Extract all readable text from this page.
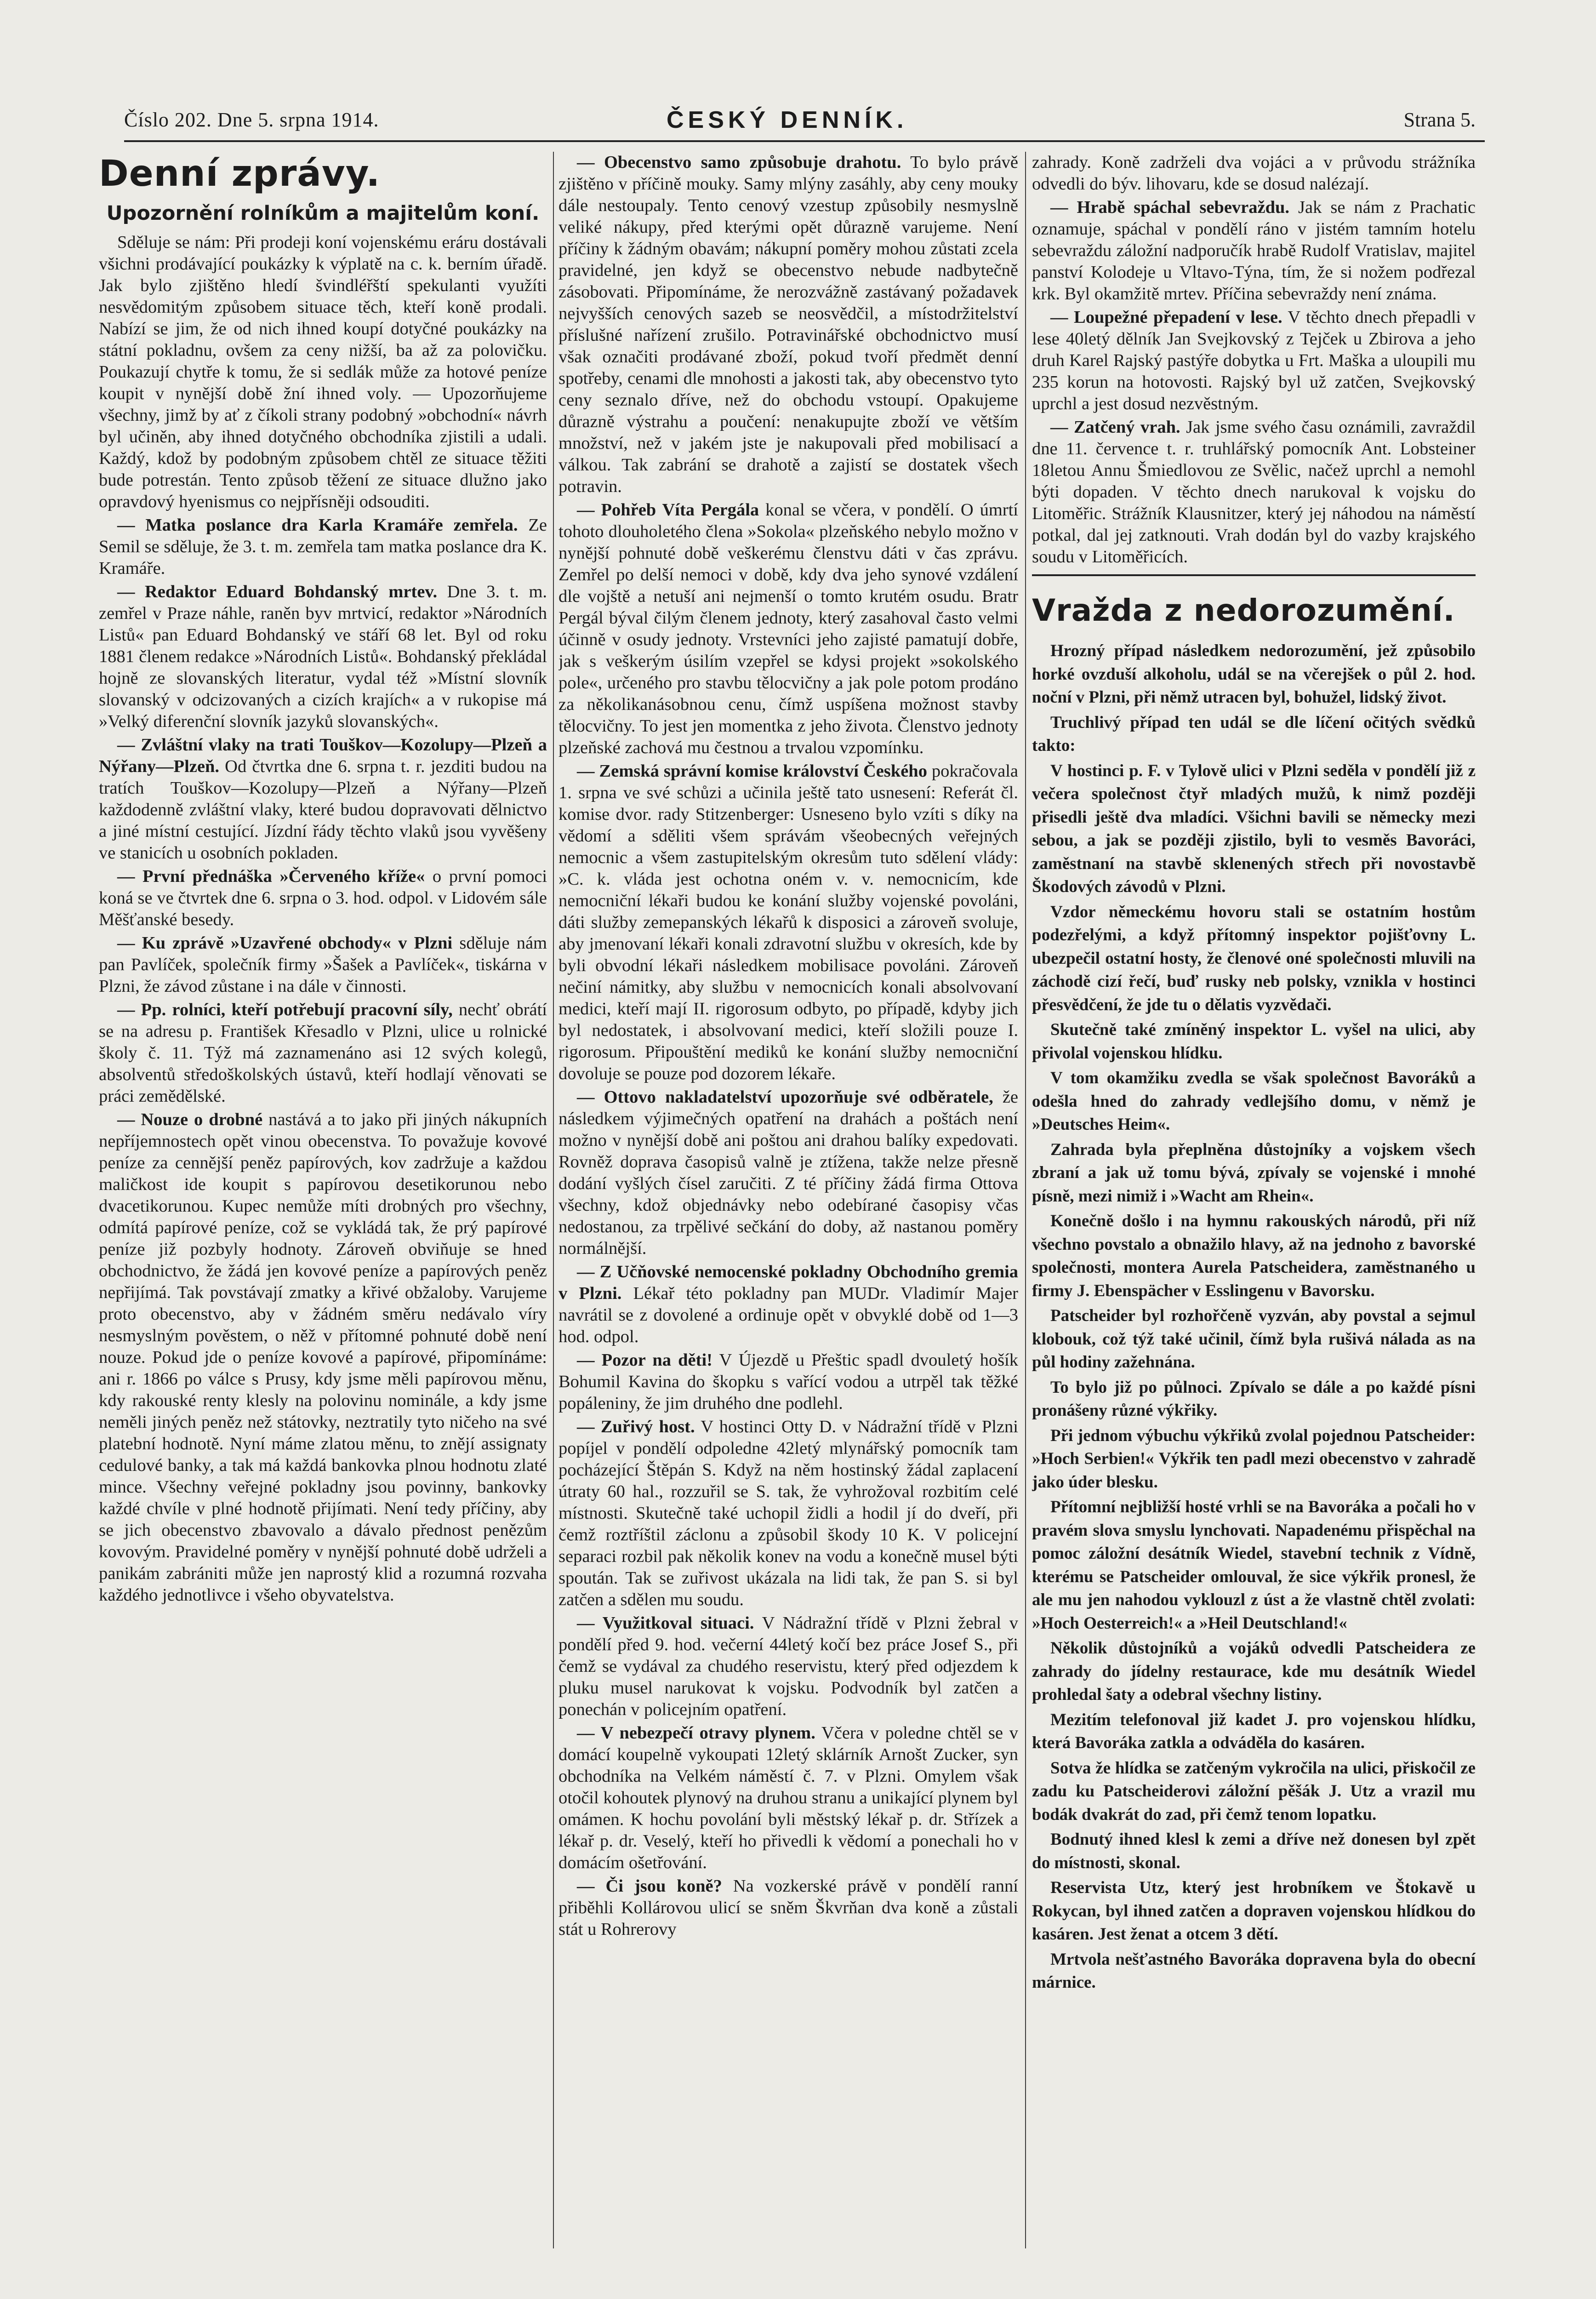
Číslo 202. Dne 5. srpna 1914.	ČESKÝ DENNÍK.	Strana 5.
Denní zprávy.
Upozornění rolníkům a majitelům koní.

Sděluje se nám: Při prodeji koní vojenskému eráru dostávali všichni prodávající poukázky k výplatě na c. k. berním úřadě. Jak bylo zjištěno hledí švindléřští spekulanti využíti nesvědomitým způsobem situace těch, kteří koně prodali. Nabízí se jim, že od nich ihned koupí dotyčné poukázky na státní pokladnu, ovšem za ceny nižší, ba až za polovičku. Poukazují chytře k tomu, že si sedlák může za hotové peníze koupit v nynější době žní ihned voly. — Upozorňujeme všechny, jimž by ať z číkoli strany podobný »obchodní« návrh byl učiněn, aby ihned dotyčného obchodníka zjistili a udali. Každý, kdož by podobným způsobem chtěl ze situace těžiti bude potrestán. Tento způsob těžení ze situace dlužno jako opravdový hyenismus co nejpřísněji odsouditi.

— Matka poslance dra Karla Kramáře zemřela. Ze Semil se sděluje, že 3. t. m. zemřela tam matka poslance dra K. Kramáře.

— Redaktor Eduard Bohdanský mrtev. Dne 3. t. m. zemřel v Praze náhle, raněn byv mrtvicí, redaktor »Národních Listů« pan Eduard Bohdanský ve stáří 68 let. Byl od roku 1881 členem redakce »Národních Listů«. Bohdanský překládal hojně ze slovanských literatur, vydal též »Místní slovník slovanský v odcizovaných a cizích krajích« a v rukopise má »Velký diferenční slovník jazyků slovanských«.

— Zvláštní vlaky na trati Touškov—Kozolupy—Plzeň a Nýřany—Plzeň. Od čtvrtka dne 6. srpna t. r. jezditi budou na tratích Touškov—Kozolupy—Plzeň a Nýřany—Plzeň každodenně zvláštní vlaky, které budou dopravovati dělnictvo a jiné místní cestující. Jízdní řády těchto vlaků jsou vyvěšeny ve stanicích u osobních pokladen.

— První přednáška »Červeného kříže« o první pomoci koná se ve čtvrtek dne 6. srpna o 3. hod. odpol. v Lidovém sále Měšťanské besedy.

— Ku zprávě »Uzavřené obchody« v Plzni sděluje nám pan Pavlíček, společník firmy »Šašek a Pavlíček«, tiskárna v Plzni, že závod zůstane i na dále v činnosti.

— Pp. rolníci, kteří potřebují pracovní síly, nechť obrátí se na adresu p. František Křesadlo v Plzni, ulice u rolnické školy č. 11. Týž má zaznamenáno asi 12 svých kolegů, absolventů středoškolských ústavů, kteří hodlají věnovati se práci zemědělské.

— Nouze o drobné nastává a to jako při jiných nákupních nepříjemnostech opět vinou obecenstva. To považuje kovové peníze za cennější peněz papírových, kov zadržuje a každou maličkost ide koupit s papírovou desetikorunou nebo dvacetikorunou. Kupec nemůže míti drobných pro všechny, odmítá papírové peníze, což se vykládá tak, že prý papírové peníze již pozbyly hodnoty. Zároveň obviňuje se hned obchodnictvo, že žádá jen kovové peníze a papírových peněz nepřijímá. Tak povstávají zmatky a křivé obžaloby. Varujeme proto obecenstvo, aby v žádném směru nedávalo víry nesmyslným pověstem, o něž v přítomné pohnuté době není nouze. Pokud jde o peníze kovové a papírové, připomínáme: ani r. 1866 po válce s Prusy, kdy jsme měli papírovou měnu, kdy rakouské renty klesly na polovinu nominále, a kdy jsme neměli jiných peněz než státovky, neztratily tyto ničeho na své platební hodnotě. Nyní máme zlatou měnu, to znějí assignaty cedulové banky, a tak má každá bankovka plnou hodnotu zlaté mince. Všechny veřejné pokladny jsou povinny, bankovky každé chvíle v plné hodnotě přijímati. Není tedy příčiny, aby se jich obecenstvo zbavovalo a dávalo přednost penězům kovovým. Pravidelné poměry v nynější pohnuté době udrželi a panikám zabrániti může jen naprostý klid a rozumná rozvaha každého jednotlivce i všeho obyvatelstva.

— Obecenstvo samo způsobuje drahotu. To bylo právě zjištěno v příčině mouky. Samy mlýny zasáhly, aby ceny mouky dále nestoupaly. Tento cenový vzestup způsobily nesmyslně veliké nákupy, před kterými opět důrazně varujeme. Není příčiny k žádným obavám; nákupní poměry mohou zůstati zcela pravidelné, jen když se obecenstvo nebude nadbytečně zásobovati. Připomínáme, že nerozvážně zastávaný požadavek nejvyšších cenových sazeb se neosvědčil, a místodržitelství příslušné nařízení zrušilo. Potravinářské obchodnictvo musí však označiti prodávané zboží, pokud tvoří předmět denní spotřeby, cenami dle mnohosti a jakosti tak, aby obecenstvo tyto ceny seznalo dříve, než do obchodu vstoupí. Opakujeme důrazně výstrahu a poučení: nenakupujte zboží ve větším množství, než v jakém jste je nakupovali před mobilisací a válkou. Tak zabrání se drahotě a zajistí se dostatek všech potravin.

— Pohřeb Víta Pergála konal se včera, v pondělí. O úmrtí tohoto dlouholetého člena »Sokola« plzeňského nebylo možno v nynější pohnuté době veškerému členstvu dáti v čas zprávu. Zemřel po delší nemoci v době, kdy dva jeho synové vzdálení dle vojště a netuší ani nejmenší o tomto krutém osudu. Bratr Pergál býval čilým členem jednoty, který zasahoval často velmi účinně v osudy jednoty. Vrstevníci jeho zajisté pamatují dobře, jak s veškerým úsilím vzepřel se kdysi projekt »sokolského pole«, určeného pro stavbu tělocvičny a jak pole potom prodáno za několikanásobnou cenu, čímž uspíšena možnost stavby tělocvičny. To jest jen momentka z jeho života. Členstvo jednoty plzeňské zachová mu čestnou a trvalou vzpomínku.

— Zemská správní komise království Českého pokračovala 1. srpna ve své schůzi a učinila ještě tato usnesení: Referát čl. komise dvor. rady Stitzenberger: Usneseno bylo vzíti s díky na vědomí a sděliti všem správám všeobecných veřejných nemocnic a všem zastupitelským okresům tuto sdělení vlády: »C. k. vláda jest ochotna oném v. v. nemocnicím, kde nemocniční lékaři budou ke konání služby vojenské povoláni, dáti služby zemepanských lékařů k disposici a zároveň svoluje, aby jmenovaní lékaři konali zdravotní službu v okresích, kde by byli obvodní lékaři následkem mobilisace povoláni. Zároveň nečiní námitky, aby službu v nemocnicích konali absolvovaní medici, kteří mají II. rigorosum odbyto, po případě, kdyby jich byl nedostatek, i absolvovaní medici, kteří složili pouze I. rigorosum. Připouštění mediků ke konání služby nemocniční dovoluje se pouze pod dozorem lékaře.

— Ottovo nakladatelství upozorňuje své odběratele, že následkem výjimečných opatření na drahách a poštách není možno v nynější době ani poštou ani drahou balíky expedovati. Rovněž doprava časopisů valně je ztížena, takže nelze přesně dodání vyšlých čísel zaručiti. Z té příčiny žádá firma Ottova všechny, kdož objednávky nebo odebírané časopisy včas nedostanou, za trpělivé sečkání do doby, až nastanou poměry normálnější.

— Z Učňovské nemocenské pokladny Obchodního gremia v Plzni. Lékař této pokladny pan MUDr. Vladimír Majer navrátil se z dovolené a ordinuje opět v obvyklé době od 1—3 hod. odpol.

— Pozor na děti! V Újezdě u Přeštic spadl dvouletý hošík Bohumil Kavina do škopku s vařící vodou a utrpěl tak těžké popáleniny, že jim druhého dne podlehl.

— Zuřivý host. V hostinci Otty D. v Nádražní třídě v Plzni popíjel v pondělí odpoledne 42letý mlynářský pomocník tam pocházející Štěpán S. Když na něm hostinský žádal zaplacení útraty 60 hal., rozzuřil se S. tak, že vyhrožoval rozbitím celé místnosti. Skutečně také uchopil židli a hodil jí do dveří, při čemž roztříštil záclonu a způsobil škody 10 K. V policejní separaci rozbil pak několik konev na vodu a konečně musel býti spoután. Tak se zuřivost ukázala na lidi tak, že pan S. si byl zatčen a sdělen mu soudu.

— Využitkoval situaci. V Nádražní třídě v Plzni žebral v pondělí před 9. hod. večerní 44letý kočí bez práce Josef S., při čemž se vydával za chudého reservistu, který před odjezdem k pluku musel narukovat k vojsku. Podvodník byl zatčen a ponechán v policejním opatření.

— V nebezpečí otravy plynem. Včera v poledne chtěl se v domácí koupelně vykoupati 12letý sklárník Arnošt Zucker, syn obchodníka na Velkém náměstí č. 7. v Plzni. Omylem však otočil kohoutek plynový na druhou stranu a unikající plynem byl omámen. K hochu povolání byli městský lékař p. dr. Střízek a lékař p. dr. Veselý, kteří ho přivedli k vědomí a ponechali ho v domácím ošetřování.

— Či jsou koně? Na vozkerské právě v pondělí ranní přiběhli Kollárovou ulicí se sněm Škvrňan dva koně a zůstali stát u Rohrerovy

zahrady. Koně zadrželi dva vojáci a v průvodu strážníka odvedli do býv. lihovaru, kde se dosud nalézají.

— Hrabě spáchal sebevraždu. Jak se nám z Prachatic oznamuje, spáchal v pondělí ráno v jistém tamním hotelu sebevraždu záložní nadporučík hrabě Rudolf Vratislav, majitel panství Kolodeje u Vltavo-Týna, tím, že si nožem podřezal krk. Byl okamžitě mrtev. Příčina sebevraždy není známa.

— Loupežné přepadení v lese. V těchto dnech přepadli v lese 40letý dělník Jan Svejkovský z Tejček u Zbirova a jeho druh Karel Rajský pastýře dobytka u Frt. Maška a uloupili mu 235 korun na hotovosti. Rajský byl už zatčen, Svejkovský uprchl a jest dosud nezvěstným.

— Zatčený vrah. Jak jsme svého času oznámili, zavraždil dne 11. července t. r. truhlářský pomocník Ant. Lobsteiner 18letou Annu Šmiedlovou ze Svělic, načež uprchl a nemohl býti dopaden. V těchto dnech narukoval k vojsku do Litoměřic. Strážník Klausnitzer, který jej náhodou na náměstí potkal, dal jej zatknouti. Vrah dodán byl do vazby krajského soudu v Litoměřicích.

Vražda z nedorozumění.

Hrozný případ následkem nedorozumění, jež způsobilo horké ovzduší alkoholu, udál se na včerejšek o půl 2. hod. noční v Plzni, při němž utracen byl, bohužel, lidský život.

Truchlivý případ ten udál se dle líčení očitých svědků takto:

V hostinci p. F. v Tylově ulici v Plzni seděla v pondělí již z večera společnost čtyř mladých mužů, k nimž později přisedli ještě dva mladíci. Všichni bavili se německy mezi sebou, a jak se později zjistilo, byli to vesměs Bavoráci, zaměstnaní na stavbě sklenených střech při novostavbě Škodových závodů v Plzni.

Vzdor německému hovoru stali se ostatním hostům podezřelými, a když přítomný inspektor pojišťovny L. ubezpečil ostatní hosty, že členové oné společnosti mluvili na záchodě cizí řečí, buď rusky neb polsky, vznikla v hostinci přesvědčení, že jde tu o dělatis vyzvědači.

Skutečně také zmíněný inspektor L. vyšel na ulici, aby přivolal vojenskou hlídku.

V tom okamžiku zvedla se však společnost Bavoráků a odešla hned do zahrady vedlejšího domu, v němž je »Deutsches Heim«.

Zahrada byla přeplněna důstojníky a vojskem všech zbraní a jak už tomu bývá, zpívaly se vojenské i mnohé písně, mezi nimiž i »Wacht am Rhein«.

Konečně došlo i na hymnu rakouských národů, při níž všechno povstalo a obnažilo hlavy, až na jednoho z bavorské společnosti, montera Aurela Patscheidera, zaměstnaného u firmy J. Ebenspächer v Esslingenu v Bavorsku.

Patscheider byl rozhořčeně vyzván, aby povstal a sejmul klobouk, což týž také učinil, čímž byla rušivá nálada as na půl hodiny zažehnána.

To bylo již po půlnoci. Zpívalo se dále a po každé písni pronášeny různé výkřiky.

Při jednom výbuchu výkřiků zvolal pojednou Patscheider: »Hoch Serbien!« Výkřik ten padl mezi obecenstvo v zahradě jako úder blesku.

Přítomní nejbližší hosté vrhli se na Bavoráka a počali ho v pravém slova smyslu lynchovati. Napadenému přispěchal na pomoc záložní desátník Wiedel, stavební technik z Vídně, kterému se Patscheider omlouval, že sice výkřik pronesl, že ale mu jen nahodou vyklouzl z úst a že vlastně chtěl zvolati: »Hoch Oesterreich!« a »Heil Deutschland!«

Několik důstojníků a vojáků odvedli Patscheidera ze zahrady do jídelny restaurace, kde mu desátník Wiedel prohledal šaty a odebral všechny listiny.

Mezitím telefonoval již kadet J. pro vojenskou hlídku, která Bavoráka zatkla a odváděla do kasáren.

Sotva že hlídka se zatčeným vykročila na ulici, přiskočil ze zadu ku Patscheiderovi záložní pěšák J. Utz a vrazil mu bodák dvakrát do zad, při čemž tenom lopatku.

Bodnutý ihned klesl k zemi a dříve než donesen byl zpět do místnosti, skonal.

Reservista Utz, který jest hrobníkem ve Štokavě u Rokycan, byl ihned zatčen a dopraven vojenskou hlídkou do kasáren. Jest ženat a otcem 3 dětí.

Mrtvola nešťastného Bavoráka dopravena byla do obecní márnice.
